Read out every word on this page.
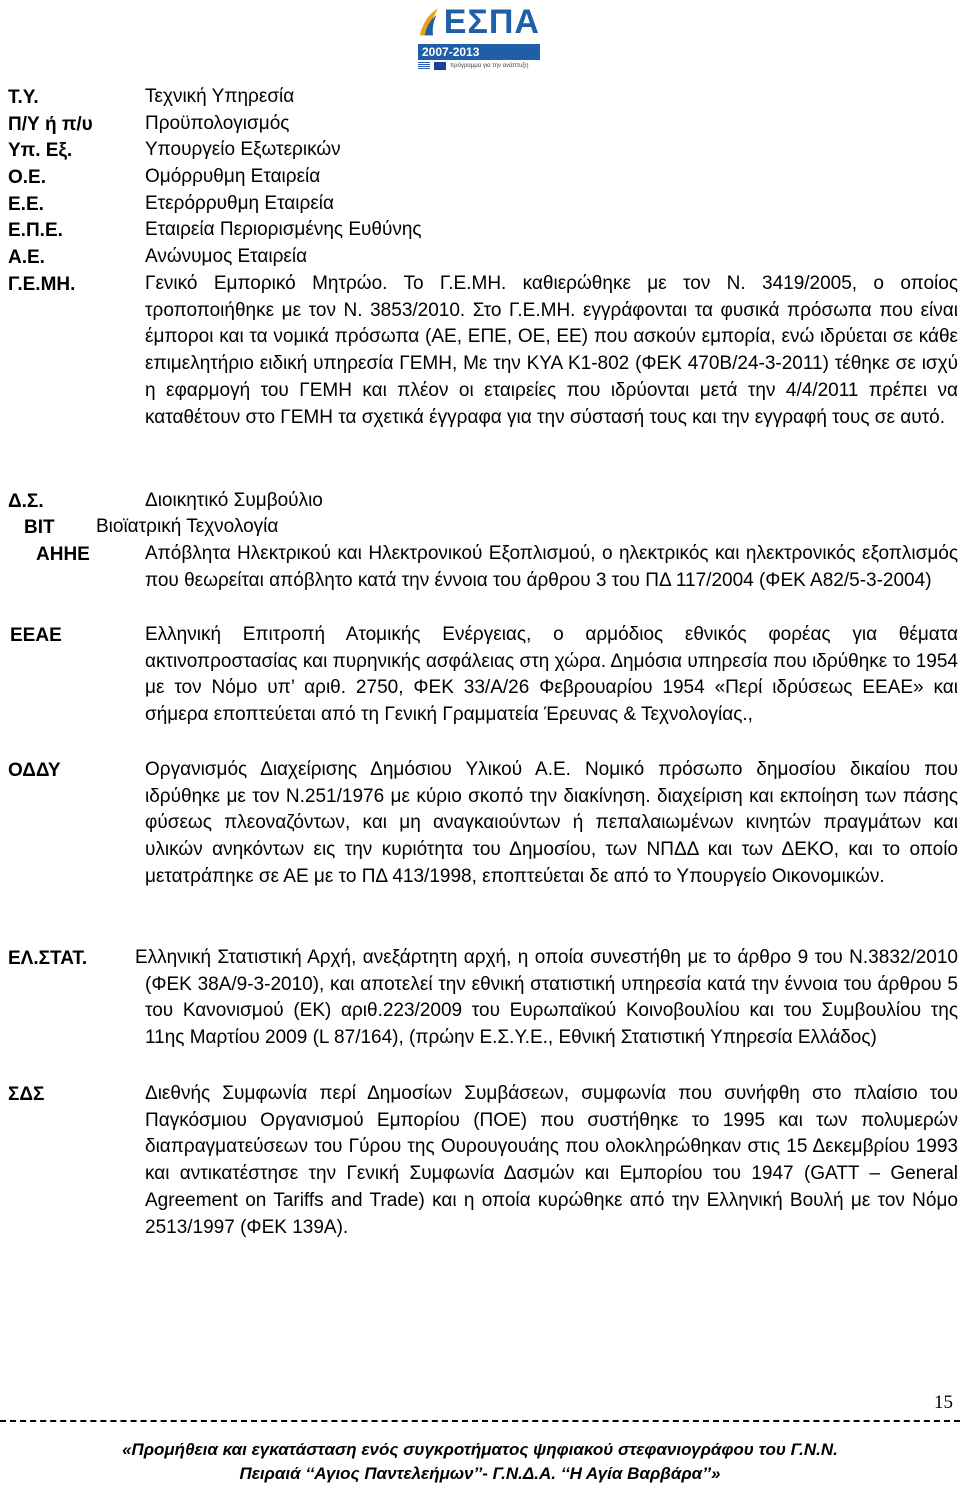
ΕΣΠΑ
2007-2013
πρόγραμμα για την ανάπτυξη
Τ.Υ.	Τεχνική Υπηρεσία
Π/Υ ή π/υ	Προϋπολογισμός
Υπ. Εξ.	Υπουργείο Εξωτερικών
Ο.Ε.	Ομόρρυθμη Εταιρεία
Ε.Ε.	Ετερόρρυθμη Εταιρεία
Ε.Π.Ε.	Εταιρεία Περιορισμένης Ευθύνης
Α.Ε.	Ανώνυμος Εταιρεία
Γ.Ε.ΜΗ.	Γενικό Εμπορικό Μητρώο. Το Γ.Ε.ΜΗ. καθιερώθηκε με τον Ν. 3419/2005, ο οποίος τροποποιήθηκε με τον Ν. 3853/2010. Στο Γ.Ε.ΜΗ. εγγράφονται τα φυσικά πρόσωπα που είναι έμποροι και τα νομικά πρόσωπα (ΑΕ, ΕΠΕ, ΟΕ, ΕΕ) που ασκούν εμπορία, ενώ ιδρύεται σε κάθε επιμελητήριο ειδική υπηρεσία ΓΕΜΗ, Με την ΚΥΑ Κ1-802 (ΦΕΚ 470Β/24-3-2011) τέθηκε σε ισχύ η εφαρμογή του ΓΕΜΗ και πλέον οι εταιρείες που ιδρύονται μετά την 4/4/2011 πρέπει να καταθέτουν στο ΓΕΜΗ τα σχετικά έγγραφα για την σύστασή τους και την εγγραφή τους σε αυτό.
Δ.Σ.	Διοικητικό Συμβούλιο
ΒΙΤ Βιοϊατρική Τεχνολογία
ΑΗΗΕ	Απόβλητα Ηλεκτρικού και Ηλεκτρονικού Εξοπλισμού, ο ηλεκτρικός και ηλεκτρονικός εξοπλισμός που θεωρείται απόβλητο κατά την έννοια του άρθρου 3 του ΠΔ 117/2004 (ΦΕΚ Α82/5-3-2004)
ΕΕΑΕ	Ελληνική Επιτροπή Ατομικής Ενέργειας, ο αρμόδιος εθνικός φορέας για θέματα ακτινοπροστασίας και πυρηνικής ασφάλειας στη χώρα. Δημόσια υπηρεσία που ιδρύθηκε το 1954 με τον Νόμο υπ’ αριθ. 2750, ΦΕΚ 33/Α/26 Φεβρουαρίου 1954 «Περί ιδρύσεως ΕΕΑΕ» και σήμερα εποπτεύεται από τη Γενική Γραμματεία Έρευνας & Τεχνολογίας.,
ΟΔΔΥ	Οργανισμός Διαχείρισης Δημόσιου Υλικού Α.Ε. Νομικό πρόσωπο δημοσίου δικαίου που ιδρύθηκε με τον Ν.251/1976 με κύριο σκοπό την διακίνηση. διαχείριση και εκποίηση των πάσης φύσεως πλεοναζόντων, και μη αναγκαιούντων ή πεπαλαιωμένων κινητών πραγμάτων και υλικών ανηκόντων εις την κυριότητα του Δημοσίου, των ΝΠΔΔ και των ΔΕΚΟ, και το οποίο μετατράπηκε σε ΑΕ με το ΠΔ 413/1998, εποπτεύεται δε από το Υπουργείο Οικονομικών.
ΕΛ.ΣΤΑΤ.	Ελληνική Στατιστική Αρχή, ανεξάρτητη αρχή, η οποία συνεστήθη με το άρθρο 9 του Ν.3832/2010 (ΦΕΚ 38Α/9-3-2010), και αποτελεί την εθνική στατιστική υπηρεσία κατά την έννοια του άρθρου 5 του Κανονισμού (ΕΚ) αριθ.223/2009 του Ευρωπαϊκού Κοινοβουλίου και του Συμβουλίου της 11ης Μαρτίου 2009 (L 87/164), (πρώην Ε.Σ.Υ.Ε., Εθνική Στατιστική Υπηρεσία Ελλάδος)
ΣΔΣ	Διεθνής Συμφωνία περί Δημοσίων Συμβάσεων, συμφωνία που συνήφθη στο πλαίσιο του Παγκόσμιου Οργανισμού Εμπορίου (ΠΟΕ) που συστήθηκε το 1995 και των πολυμερών διαπραγματεύσεων του Γύρου της Ουρουγουάης που ολοκληρώθηκαν στις 15 Δεκεμβρίου 1993 και αντικατέστησε την Γενική Συμφωνία Δασμών και Εμπορίου του 1947 (GATT – General Agreement on Tariffs and Trade) και η οποία κυρώθηκε από την Ελληνική Βουλή με τον Νόμο 2513/1997 (ΦΕΚ 139Α).
15
«Προμήθεια και εγκατάσταση ενός συγκροτήματος ψηφιακού στεφανιογράφου του Γ.Ν.Ν.
Πειραιά ‘‘Αγιος Παντελεήμων’’- Γ.Ν.Δ.Α. ‘‘Η Αγία Βαρβάρα’’»
